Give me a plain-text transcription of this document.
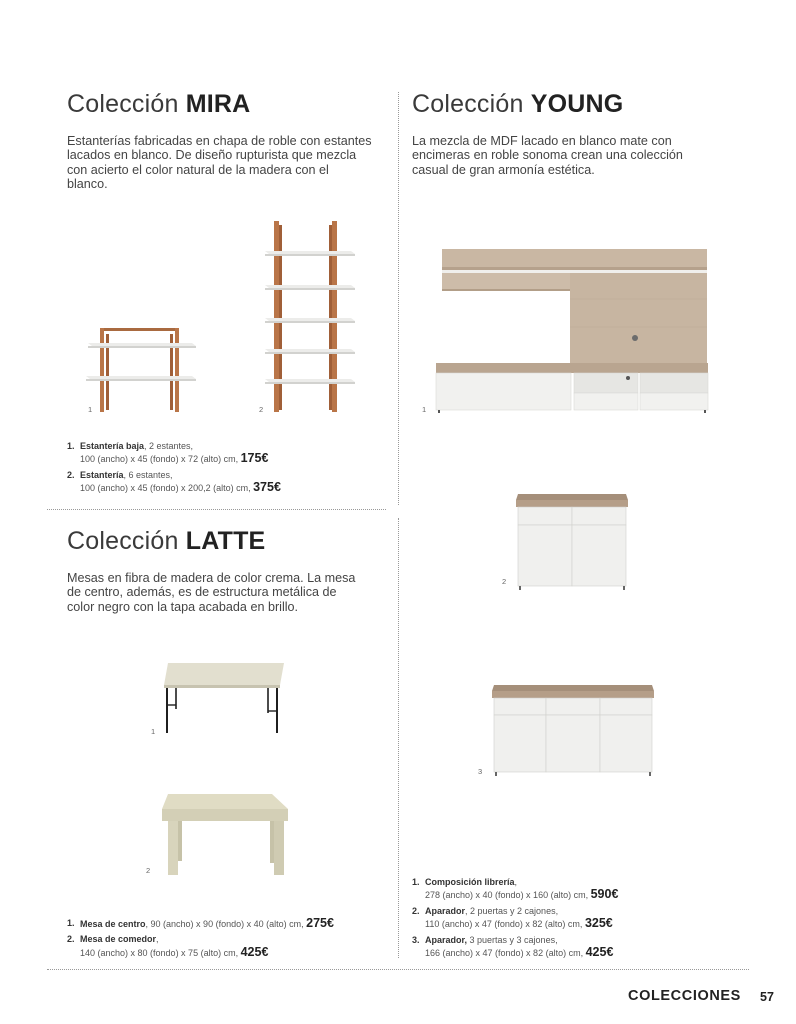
Colección MIRA
Estanterías fabricadas en chapa de roble con estantes lacados en blanco. De diseño rupturista que mezcla con acierto el color natural de la madera con el blanco.
1	2
1. Estantería baja, 2 estantes,
100 (ancho) x 45 (fondo) x 72 (alto) cm, 175€
2. Estantería, 6 estantes,
100 (ancho) x 45 (fondo) x 200,2 (alto) cm, 375€
Colección YOUNG
La mezcla de MDF lacado en blanco mate con encimeras en roble sonoma crean una colección casual de gran armonía estética.
1
2
3
1. Composición librería,
278 (ancho) x 40 (fondo) x 160 (alto) cm, 590€
2. Aparador, 2 puertas y 2 cajones,
110 (ancho) x 47 (fondo) x 82 (alto) cm, 325€
3. Aparador, 3 puertas y 3 cajones,
166 (ancho) x 47 (fondo) x 82 (alto) cm, 425€
Colección LATTE
Mesas en fibra de madera de color crema. La mesa de centro, además, es de estructura metálica de color negro con la tapa acabada en brillo.
1
2
1. Mesa de centro, 90 (ancho) x 90 (fondo) x 40 (alto) cm, 275€
2. Mesa de comedor,
140 (ancho) x 80 (fondo) x 75 (alto) cm, 425€
COLECCIONES 57
